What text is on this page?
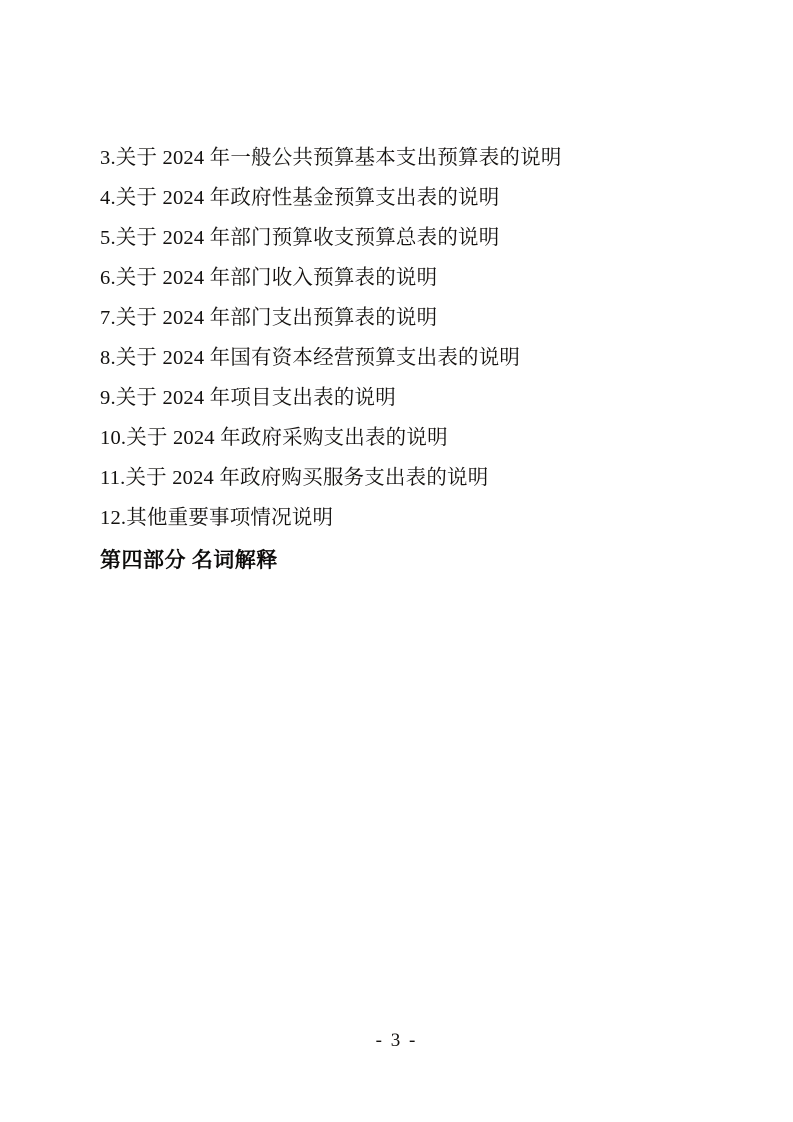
3.关于 2024 年一般公共预算基本支出预算表的说明
4.关于 2024 年政府性基金预算支出表的说明
5.关于 2024 年部门预算收支预算总表的说明
6.关于 2024 年部门收入预算表的说明
7.关于 2024 年部门支出预算表的说明
8.关于 2024 年国有资本经营预算支出表的说明
9.关于 2024 年项目支出表的说明
10.关于 2024 年政府采购支出表的说明
11.关于 2024 年政府购买服务支出表的说明
12.其他重要事项情况说明
第四部分 名词解释
- 3 -
